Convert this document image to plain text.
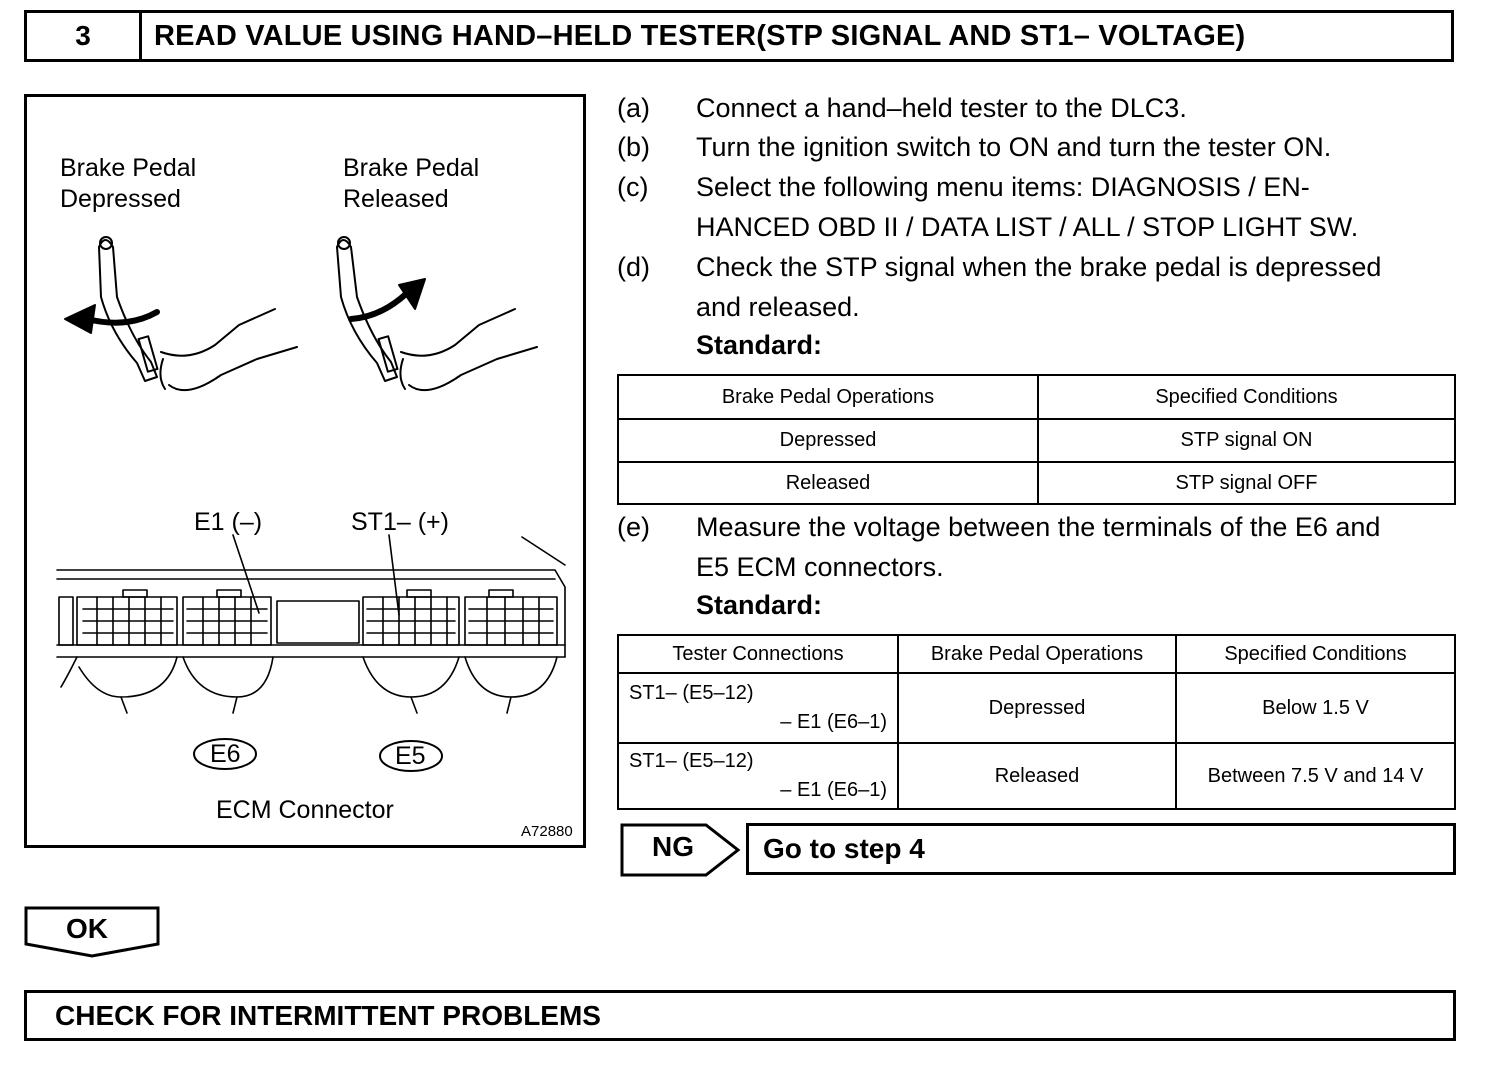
3	READ VALUE USING HAND–HELD TESTER(STP SIGNAL AND ST1– VOLTAGE)
Brake Pedal
Depressed
Brake Pedal
Released
E1 (–)	ST1– (+)
E6	E5
ECM Connector
A72880
(a)	Connect a hand–held tester to the DLC3.
(b)	Turn the ignition switch to ON and turn the tester ON.
(c)	Select the following menu items: DIAGNOSIS / EN-
HANCED OBD II / DATA LIST / ALL / STOP LIGHT SW.
(d)	Check the STP signal when the brake pedal is depressed
and released.
Standard:
Brake Pedal Operations	Specified Conditions
Depressed	STP signal ON
Released	STP signal OFF
(e)	Measure the voltage between the terminals of the E6 and
E5 ECM connectors.
Standard:
Tester Connections	Brake Pedal Operations	Specified Conditions

ST1– (E5–12)
– E1 (E6–1)	Depressed	Below 1.5 V

ST1– (E5–12)
– E1 (E6–1)	Released	Between 7.5 V and 14 V
NG	Go to step 4
OK
CHECK FOR INTERMITTENT PROBLEMS
